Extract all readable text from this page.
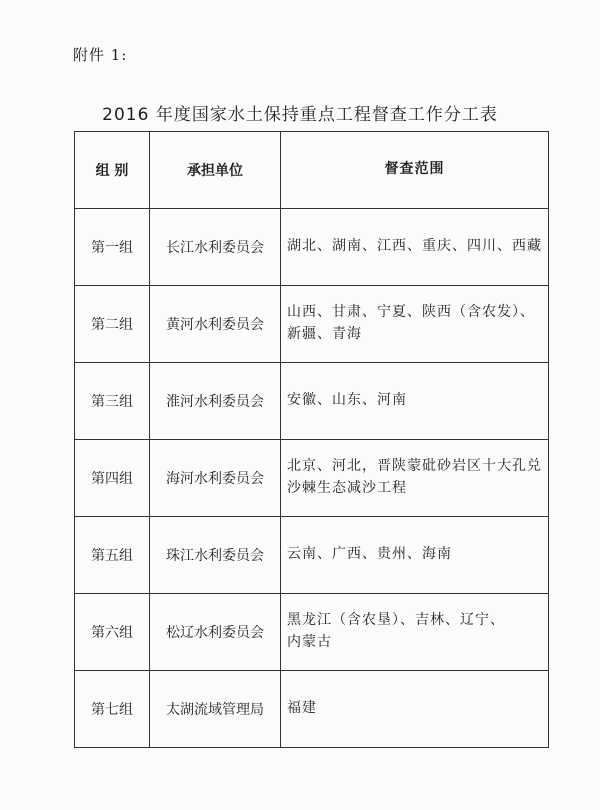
附件 1:
2016 年度国家水土保持重点工程督查工作分工表
组 别	承担单位	督查范围
第一组	长江水利委员会	湖北、湖南、江西、重庆、四川、西藏

第二组	黄河水利委员会	山西、甘肃、宁夏、陕西（含农发）、
新疆、青海

第三组	淮河水利委员会	安徽、山东、河南

第四组	海河水利委员会	北京、河北，晋陕蒙砒砂岩区十大孔兑
沙棘生态减沙工程

第五组	珠江水利委员会	云南、广西、贵州、海南

第六组	松辽水利委员会	黑龙江（含农垦）、吉林、辽宁、
内蒙古

第七组	太湖流域管理局	福建
